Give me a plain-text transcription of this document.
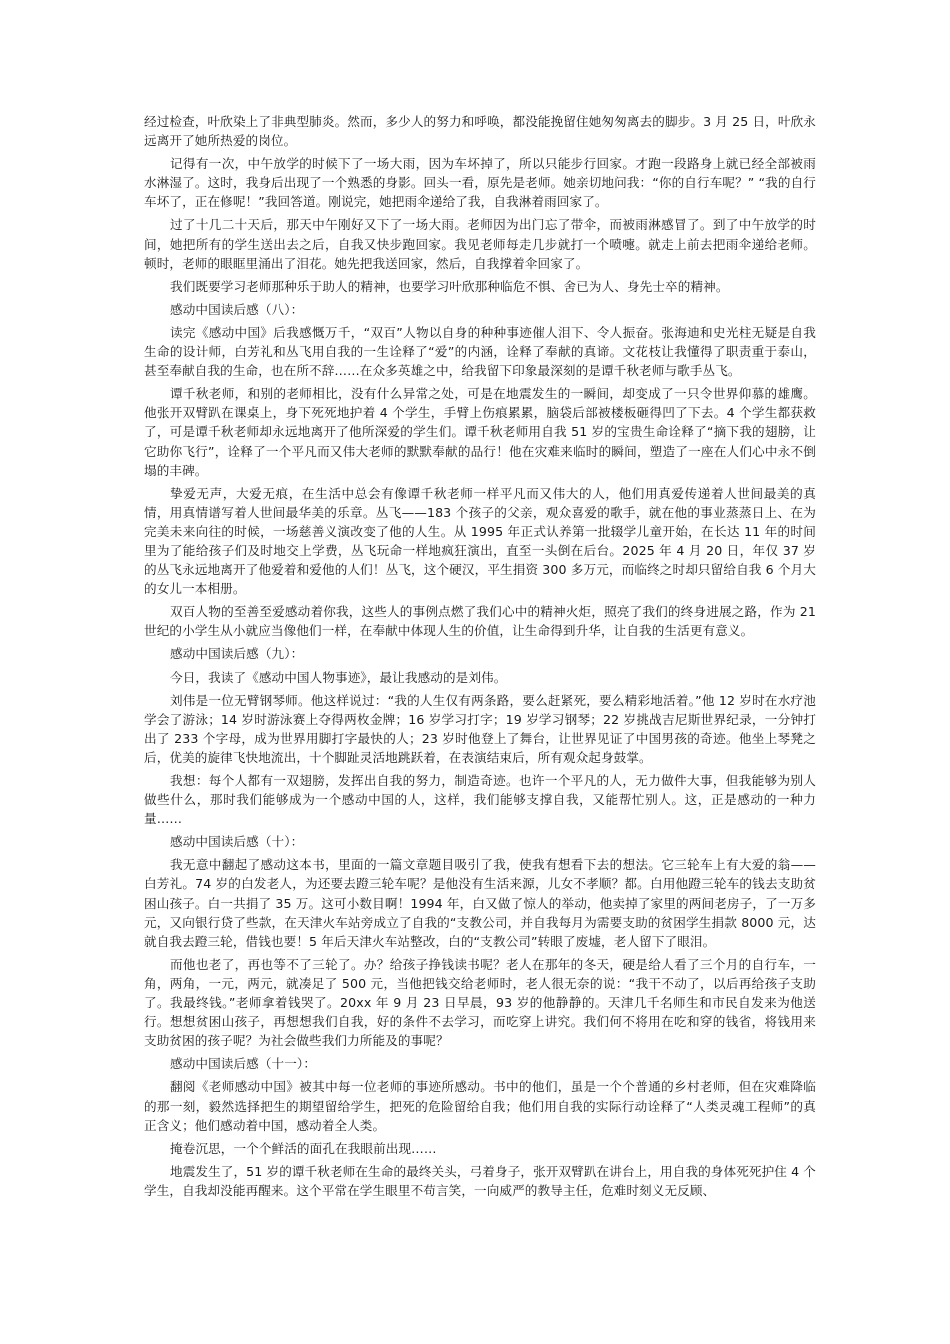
经过检查，叶欣染上了非典型肺炎。然而，多少人的努力和呼唤，都没能挽留住她匆匆离去的脚步。3 月 25 日，叶欣永远离开了她所热爱的岗位。

记得有一次，中午放学的时候下了一场大雨，因为车坏掉了，所以只能步行回家。才跑一段路身上就已经全部被雨水淋湿了。这时，我身后出现了一个熟悉的身影。回头一看，原先是老师。她亲切地问我：“你的自行车呢？” “我的自行车坏了，正在修呢！”我回答道。刚说完，她把雨伞递给了我，自我淋着雨回家了。

过了十几二十天后，那天中午刚好又下了一场大雨。老师因为出门忘了带伞，而被雨淋感冒了。到了中午放学的时间，她把所有的学生送出去之后，自我又快步跑回家。我见老师每走几步就打一个喷嚏。就走上前去把雨伞递给老师。顿时，老师的眼眶里涌出了泪花。她先把我送回家，然后，自我撑着伞回家了。

我们既要学习老师那种乐于助人的精神，也要学习叶欣那种临危不惧、舍已为人、身先士卒的精神。

感动中国读后感（八）：

读完《感动中国》后我感慨万千，“双百”人物以自身的种种事迹催人泪下、令人振奋。张海迪和史光柱无疑是自我生命的设计师，白芳礼和丛飞用自我的一生诠释了“爱”的内涵，诠释了奉献的真谛。文花枝让我懂得了职责重于泰山，甚至奉献自我的生命，也在所不辞……在众多英雄之中，给我留下印象最深刻的是谭千秋老师与歌手丛飞。

谭千秋老师，和别的老师相比，没有什么异常之处，可是在地震发生的一瞬间，却变成了一只令世界仰慕的雄鹰。他张开双臂趴在课桌上，身下死死地护着 4 个学生，手臂上伤痕累累，脑袋后部被楼板砸得凹了下去。4 个学生都获救了，可是谭千秋老师却永远地离开了他所深爱的学生们。谭千秋老师用自我 51 岁的宝贵生命诠释了“摘下我的翅膀，让它助你飞行”，诠释了一个平凡而又伟大老师的默默奉献的品行！他在灾难来临时的瞬间，塑造了一座在人们心中永不倒塌的丰碑。

挚爱无声，大爱无痕，在生活中总会有像谭千秋老师一样平凡而又伟大的人，他们用真爱传递着人世间最美的真情，用真情谱写着人世间最华美的乐章。丛飞——183 个孩子的父亲，观众喜爱的歌手，就在他的事业蒸蒸日上、在为完美未来向往的时候，一场慈善义演改变了他的人生。从 1995 年正式认养第一批辍学儿童开始，在长达 11 年的时间里为了能给孩子们及时地交上学费，丛飞玩命一样地疯狂演出，直至一头倒在后台。2025 年 4 月 20 日，年仅 37 岁的丛飞永远地离开了他爱着和爱他的人们！丛飞，这个硬汉，平生捐资 300 多万元，而临终之时却只留给自我 6 个月大的女儿一本相册。

双百人物的至善至爱感动着你我，这些人的事例点燃了我们心中的精神火炬，照亮了我们的终身进展之路，作为 21 世纪的小学生从小就应当像他们一样，在奉献中体现人生的价值，让生命得到升华，让自我的生活更有意义。

感动中国读后感（九）：

今日，我读了《感动中国人物事迹》，最让我感动的是刘伟。

刘伟是一位无臂钢琴师。他这样说过：“我的人生仅有两条路，要么赶紧死，要么精彩地活着。”他 12 岁时在水疗池学会了游泳；14 岁时游泳赛上夺得两枚金牌；16 岁学习打字；19 岁学习钢琴；22 岁挑战吉尼斯世界纪录，一分钟打出了 233 个字母，成为世界用脚打字最快的人；23 岁时他登上了舞台，让世界见证了中国男孩的奇迹。他坐上琴凳之后，优美的旋律飞快地流出，十个脚趾灵活地跳跃着，在表演结束后，所有观众起身鼓掌。

我想：每个人都有一双翅膀，发挥出自我的努力，制造奇迹。也许一个平凡的人，无力做件大事，但我能够为别人做些什么，那时我们能够成为一个感动中国的人，这样，我们能够支撑自我，又能帮忙别人。这，正是感动的一种力量……

感动中国读后感（十）：

我无意中翻起了感动这本书，里面的一篇文章题目吸引了我，使我有想看下去的想法。它三轮车上有大爱的翁——白芳礼。74 岁的白发老人，为还要去蹬三轮车呢？是他没有生活来源，儿女不孝顺？都。白用他蹬三轮车的钱去支助贫困山孩子。白一共捐了 35 万。这可小数目啊！1994 年，白又做了惊人的举动，他卖掉了家里的两间老房子，了一万多元，又向银行贷了些款，在天津火车站旁成立了自我的“支教公司，并自我每月为需要支助的贫困学生捐款 8000 元，达就自我去蹬三轮，借钱也要！5 年后天津火车站整改，白的“支教公司”转眼了废墟，老人留下了眼泪。

而他也老了，再也等不了三轮了。办？给孩子挣钱读书呢？老人在那年的冬天，硬是给人看了三个月的自行车，一角，两角，一元，两元，就凑足了 500 元，当他把钱交给老师时，老人很无奈的说：“我干不动了，以后再给孩子支助了。我最终钱。”老师拿着钱哭了。20xx 年 9 月 23 日早晨，93 岁的他静静的。天津几千名师生和市民自发来为他送行。想想贫困山孩子，再想想我们自我，好的条件不去学习，而吃穿上讲究。我们何不将用在吃和穿的钱省，将钱用来支助贫困的孩子呢？为社会做些我们力所能及的事呢？

感动中国读后感（十一）：

翻阅《老师感动中国》被其中每一位老师的事迹所感动。书中的他们，虽是一个个普通的乡村老师，但在灾难降临的那一刻，毅然选择把生的期望留给学生，把死的危险留给自我；他们用自我的实际行动诠释了“人类灵魂工程师”的真正含义；他们感动着中国，感动着全人类。

掩卷沉思，一个个鲜活的面孔在我眼前出现……

地震发生了，51 岁的谭千秋老师在生命的最终关头，弓着身子，张开双臂趴在讲台上，用自我的身体死死护住 4 个学生，自我却没能再醒来。这个平常在学生眼里不苟言笑，一向威严的教导主任，危难时刻义无反顾、
